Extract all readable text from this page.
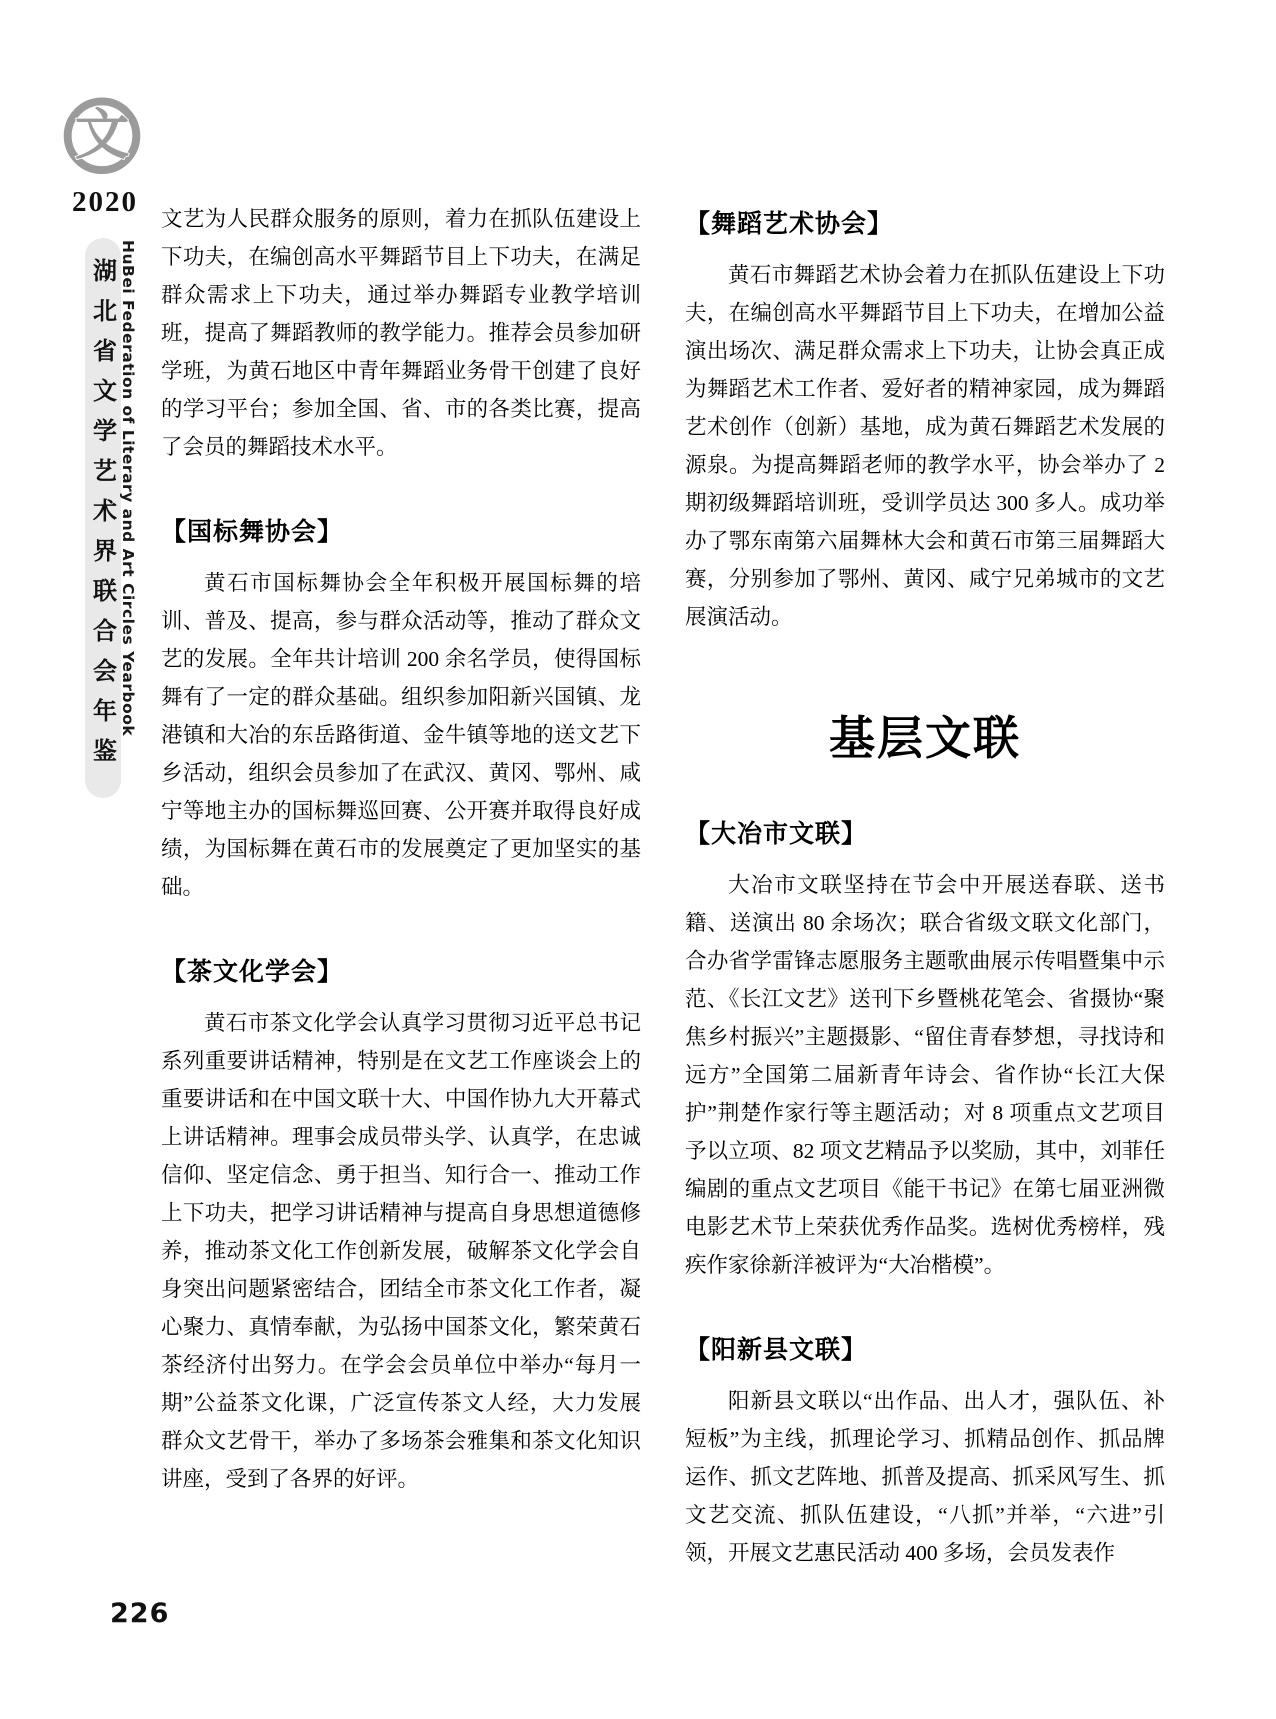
文
2020
湖北省文学艺术界联合会年鉴 HuBei Federation of Literary and Art Circles Yearbook
226

文艺为人民群众服务的原则，着力在抓队伍建设上下功夫，在编创高水平舞蹈节目上下功夫，在满足群众需求上下功夫，通过举办舞蹈专业教学培训班，提高了舞蹈教师的教学能力。推荐会员参加研学班，为黄石地区中青年舞蹈业务骨干创建了良好的学习平台；参加全国、省、市的各类比赛，提高了会员的舞蹈技术水平。

【国标舞协会】

黄石市国标舞协会全年积极开展国标舞的培训、普及、提高，参与群众活动等，推动了群众文艺的发展。全年共计培训 200 余名学员，使得国标舞有了一定的群众基础。组织参加阳新兴国镇、龙港镇和大冶的东岳路街道、金牛镇等地的送文艺下乡活动，组织会员参加了在武汉、黄冈、鄂州、咸宁等地主办的国标舞巡回赛、公开赛并取得良好成绩，为国标舞在黄石市的发展奠定了更加坚实的基础。

【茶文化学会】

黄石市茶文化学会认真学习贯彻习近平总书记系列重要讲话精神，特别是在文艺工作座谈会上的重要讲话和在中国文联十大、中国作协九大开幕式上讲话精神。理事会成员带头学、认真学，在忠诚信仰、坚定信念、勇于担当、知行合一、推动工作上下功夫，把学习讲话精神与提高自身思想道德修养，推动茶文化工作创新发展，破解茶文化学会自身突出问题紧密结合，团结全市茶文化工作者，凝心聚力、真情奉献，为弘扬中国茶文化，繁荣黄石茶经济付出努力。在学会会员单位中举办“每月一期”公益茶文化课，广泛宣传茶文人经，大力发展群众文艺骨干，举办了多场茶会雅集和茶文化知识讲座，受到了各界的好评。

【舞蹈艺术协会】

黄石市舞蹈艺术协会着力在抓队伍建设上下功夫，在编创高水平舞蹈节目上下功夫，在增加公益演出场次、满足群众需求上下功夫，让协会真正成为舞蹈艺术工作者、爱好者的精神家园，成为舞蹈艺术创作（创新）基地，成为黄石舞蹈艺术发展的源泉。为提高舞蹈老师的教学水平，协会举办了 2 期初级舞蹈培训班，受训学员达 300 多人。成功举办了鄂东南第六届舞林大会和黄石市第三届舞蹈大赛，分别参加了鄂州、黄冈、咸宁兄弟城市的文艺展演活动。

基层文联
【大冶市文联】

大冶市文联坚持在节会中开展送春联、送书籍、送演出 80 余场次；联合省级文联文化部门，合办省学雷锋志愿服务主题歌曲展示传唱暨集中示范、《长江文艺》送刊下乡暨桃花笔会、省摄协“聚焦乡村振兴”主题摄影、“留住青春梦想，寻找诗和远方”全国第二届新青年诗会、省作协“长江大保护”荆楚作家行等主题活动；对 8 项重点文艺项目予以立项、82 项文艺精品予以奖励，其中，刘菲任编剧的重点文艺项目《能干书记》在第七届亚洲微电影艺术节上荣获优秀作品奖。选树优秀榜样，残疾作家徐新洋被评为“大冶楷模”。

【阳新县文联】

阳新县文联以“出作品、出人才，强队伍、补短板”为主线，抓理论学习、抓精品创作、抓品牌运作、抓文艺阵地、抓普及提高、抓采风写生、抓文艺交流、抓队伍建设，“八抓”并举，“六进”引领，开展文艺惠民活动 400 多场，会员发表作
